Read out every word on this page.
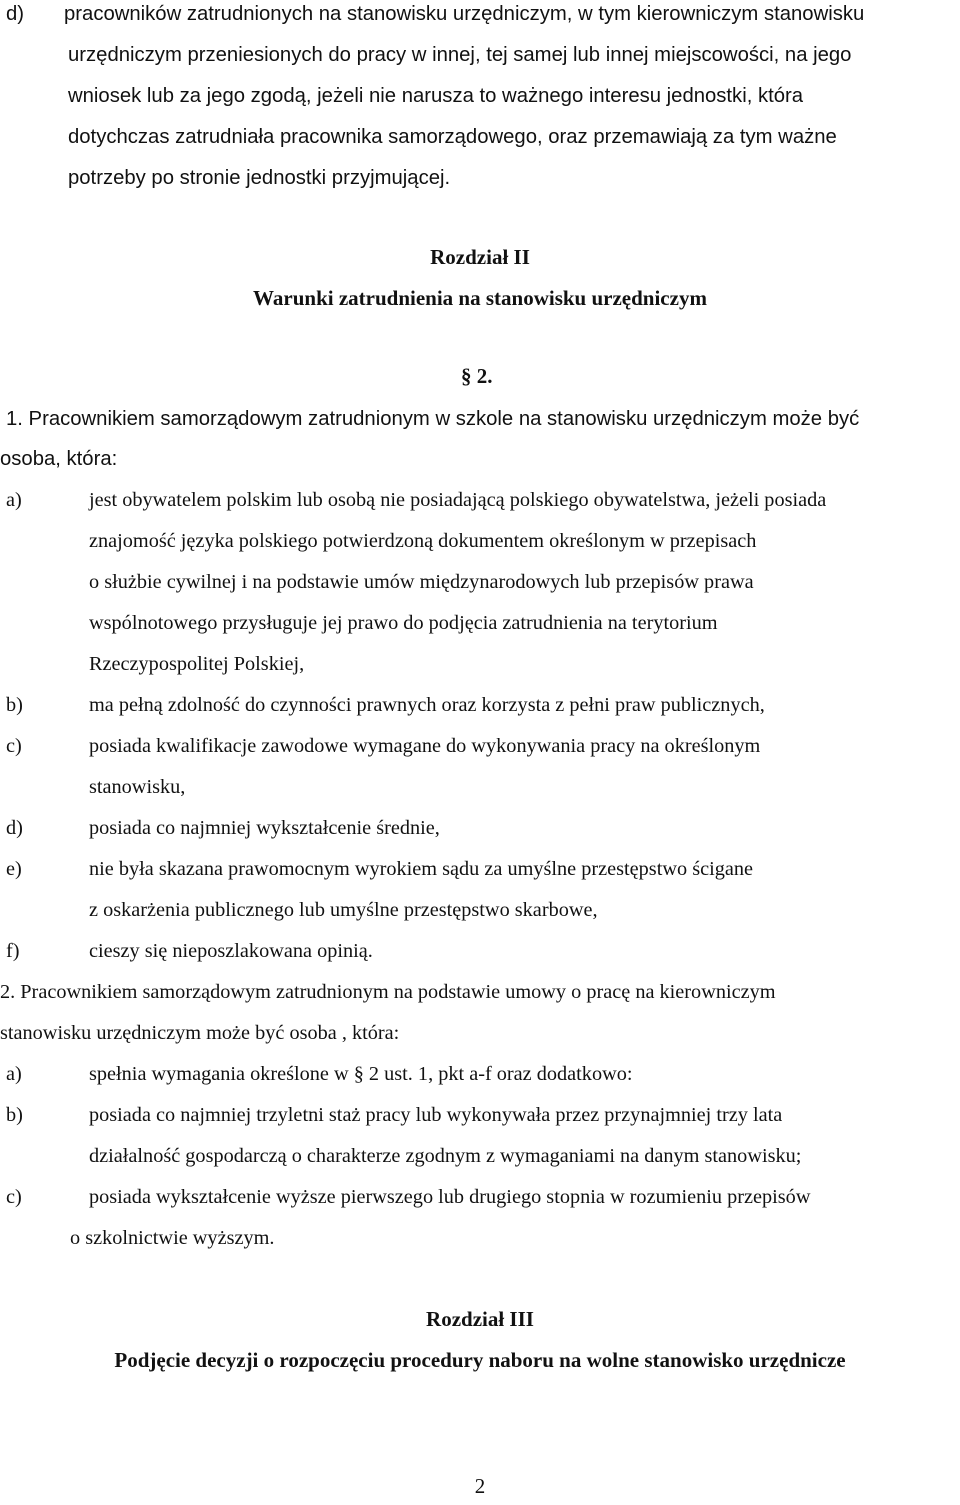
d) pracowników zatrudnionych na stanowisku urzędniczym, w tym kierowniczym stanowisku
urzędniczym przeniesionych do pracy w innej, tej samej lub innej miejscowości, na jego
wniosek lub za jego zgodą, jeżeli nie narusza to ważnego interesu jednostki, która
dotychczas zatrudniała pracownika samorządowego, oraz przemawiają za tym ważne
potrzeby po stronie jednostki przyjmującej.
Rozdział II
Warunki zatrudnienia na stanowisku urzędniczym
§ 2.
1. Pracownikiem samorządowym zatrudnionym w szkole na stanowisku urzędniczym może być
osoba, która:
a)	jest obywatelem polskim lub osobą nie posiadającą polskiego obywatelstwa, jeżeli posiada
znajomość języka polskiego potwierdzoną dokumentem określonym w przepisach
o służbie cywilnej i na podstawie umów międzynarodowych lub przepisów prawa
wspólnotowego przysługuje jej prawo do podjęcia zatrudnienia na terytorium
Rzeczypospolitej Polskiej,
b)	ma pełną zdolność do czynności prawnych oraz korzysta z pełni praw publicznych,
c)	posiada kwalifikacje zawodowe wymagane do wykonywania pracy na określonym
stanowisku,
d)	posiada co najmniej wykształcenie średnie,
e)	nie była skazana prawomocnym wyrokiem sądu za umyślne przestępstwo ścigane
z oskarżenia publicznego lub umyślne przestępstwo skarbowe,
f)	cieszy się nieposzlakowana opinią.
2. Pracownikiem samorządowym zatrudnionym na podstawie umowy o pracę na kierowniczym
stanowisku urzędniczym może być osoba , która:
a)	spełnia wymagania określone w § 2 ust. 1, pkt a-f oraz dodatkowo:
b)	posiada co najmniej trzyletni staż pracy lub wykonywała przez przynajmniej trzy lata
działalność gospodarczą o charakterze zgodnym z wymaganiami na danym stanowisku;
c)	posiada wykształcenie wyższe pierwszego lub drugiego stopnia w rozumieniu przepisów
o szkolnictwie wyższym.
Rozdział III
Podjęcie decyzji o rozpoczęciu procedury naboru na wolne stanowisko urzędnicze
2
